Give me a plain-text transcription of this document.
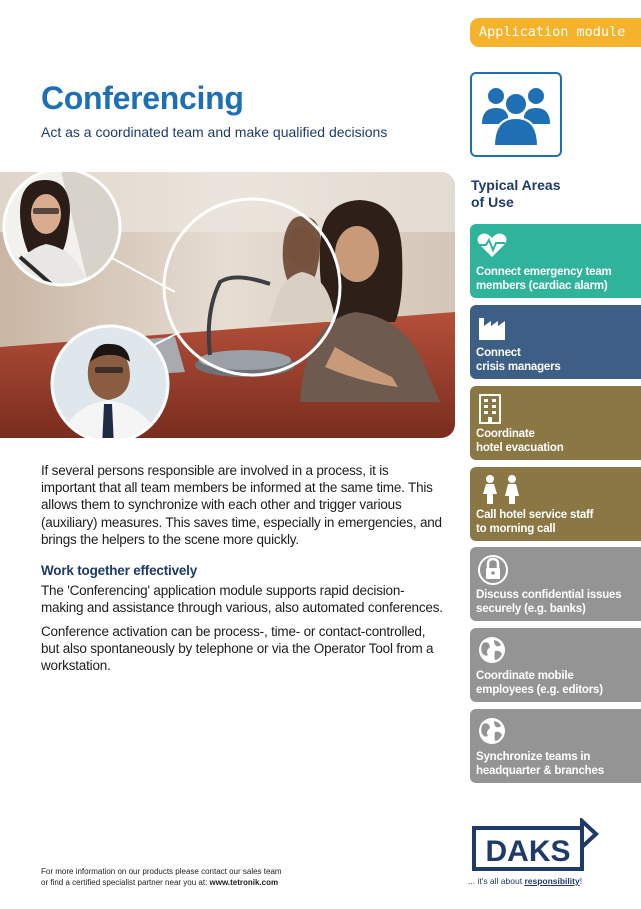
Application module
Conferencing
Act as a coordinated team and make qualified decisions
Typical Areas
of Use
Connect emergency team
members (cardiac alarm)
Connect
crisis managers
Coordinate
hotel evacuation
Call hotel service staff
to morning call
Discuss confidential issues
securely (e.g. banks)
Coordinate mobile
employees (e.g. editors)
Synchronize teams in
headquarter & branches

If several persons responsible are involved in a process, it is important that all team members be informed at the same time. This allows them to synchronize with each other and trigger various (auxiliary) measures. This saves time, especially in emergencies, and brings the helpers to the scene more quickly.

Work together effectively

The 'Conferencing' application module supports rapid decision-making and assistance through various, also automated conferences.

Conference activation can be process-, time- or contact-controlled, but also spontaneously by telephone or via the Operator Tool from a workstation.

For more information on our products please contact our sales team
or find a certified specialist partner near you at: www.tetronik.com
DAKS
... it's all about responsibility!
